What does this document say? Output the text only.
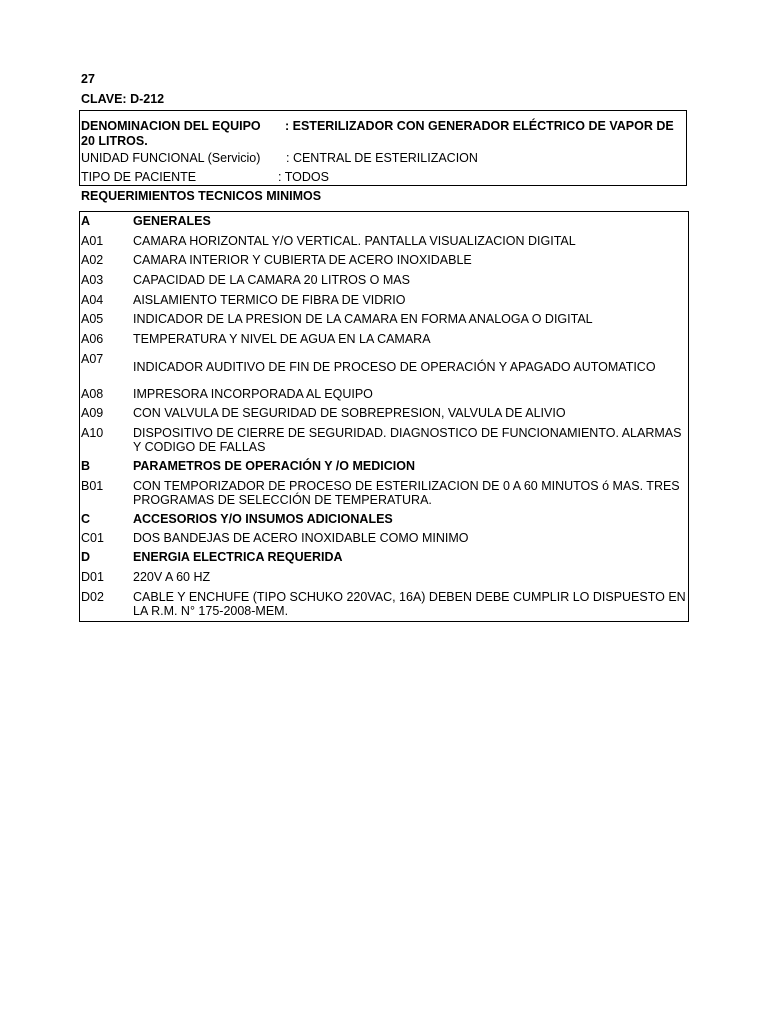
27
CLAVE: D-212
DENOMINACION DEL EQUIPO : ESTERILIZADOR CON GENERADOR ELÉCTRICO DE VAPOR DE
20 LITROS.
UNIDAD FUNCIONAL (Servicio) : CENTRAL DE ESTERILIZACION
TIPO DE PACIENTE	: TODOS
REQUERIMIENTOS TECNICOS MINIMOS
A	GENERALES
A01 CAMARA HORIZONTAL Y/O VERTICAL. PANTALLA VISUALIZACION DIGITAL
A02 CAMARA INTERIOR Y CUBIERTA DE ACERO INOXIDABLE
A03 CAPACIDAD DE LA CAMARA 20 LITROS O MAS
A04 AISLAMIENTO TERMICO DE FIBRA DE VIDRIO
A05 INDICADOR DE LA PRESION DE LA CAMARA EN FORMA ANALOGA O DIGITAL
A06 TEMPERATURA Y NIVEL DE AGUA EN LA CAMARA
A07
INDICADOR AUDITIVO DE FIN DE PROCESO DE OPERACIÓN Y APAGADO AUTOMATICO
A08 IMPRESORA INCORPORADA AL EQUIPO
A09 CON VALVULA DE SEGURIDAD DE SOBREPRESION, VALVULA DE ALIVIO
A10 DISPOSITIVO DE CIERRE DE SEGURIDAD. DIAGNOSTICO DE FUNCIONAMIENTO. ALARMAS Y CODIGO DE FALLAS
B	PARAMETROS DE OPERACIÓN Y /O MEDICION
B01 CON TEMPORIZADOR DE PROCESO DE ESTERILIZACION DE 0 A 60 MINUTOS ó MAS. TRES PROGRAMAS DE SELECCIÓN DE TEMPERATURA.
C	ACCESORIOS Y/O INSUMOS ADICIONALES
C01 DOS BANDEJAS DE ACERO INOXIDABLE COMO MINIMO
D	ENERGIA ELECTRICA REQUERIDA
D01 220V A 60 HZ
D02 CABLE Y ENCHUFE (TIPO SCHUKO 220VAC, 16A) DEBEN DEBE CUMPLIR LO DISPUESTO EN LA R.M. N° 175-2008-MEM.
